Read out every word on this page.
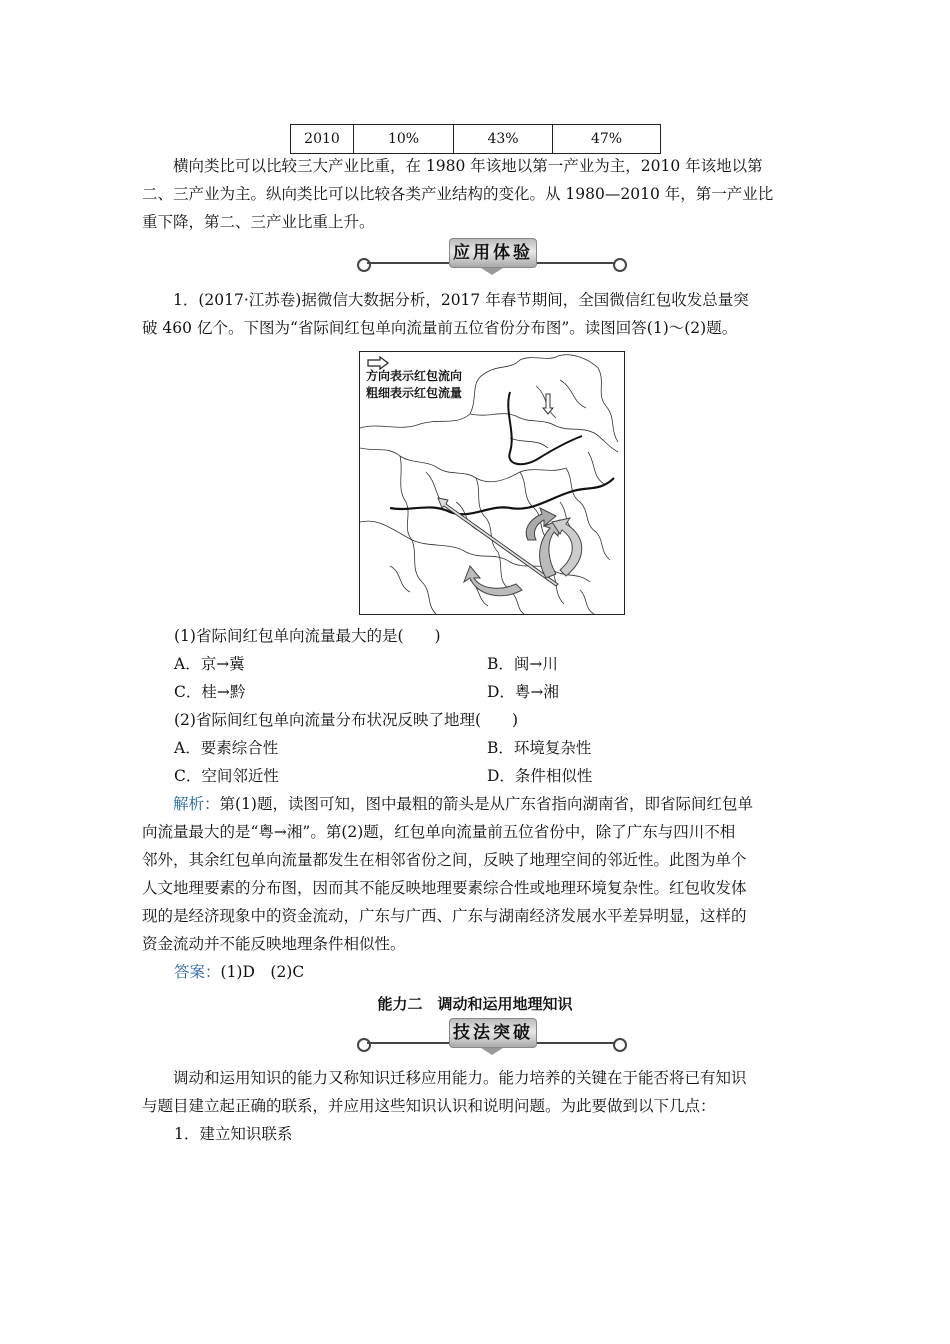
2010	10%	43%	47%
横向类比可以比较三大产业比重，在 1980 年该地以第一产业为主，2010 年该地以第
二、三产业为主。纵向类比可以比较各类产业结构的变化。从 1980—2010 年，第一产业比
重下降，第二、三产业比重上升。
应用体验
1．(2017·江苏卷)据微信大数据分析，2017 年春节期间，全国微信红包收发总量突
破 460 亿个。下图为“省际间红包单向流量前五位省份分布图”。读图回答(1)～(2)题。
方向表示红包流向
粗细表示红包流量
(1)省际间红包单向流量最大的是(　　)
A．京→冀	B．闽→川
C．桂→黔	D．粤→湘
(2)省际间红包单向流量分布状况反映了地理(　　)
A．要素综合性	B．环境复杂性
C．空间邻近性	D．条件相似性
解析：第(1)题，读图可知，图中最粗的箭头是从广东省指向湖南省，即省际间红包单
向流量最大的是“粤→湘”。第(2)题，红包单向流量前五位省份中，除了广东与四川不相
邻外，其余红包单向流量都发生在相邻省份之间，反映了地理空间的邻近性。此图为单个
人文地理要素的分布图，因而其不能反映地理要素综合性或地理环境复杂性。红包收发体
现的是经济现象中的资金流动，广东与广西、广东与湖南经济发展水平差异明显，这样的
资金流动并不能反映地理条件相似性。
答案：(1)D　(2)C
能力二　调动和运用地理知识
技法突破
调动和运用知识的能力又称知识迁移应用能力。能力培养的关键在于能否将已有知识
与题目建立起正确的联系，并应用这些知识认识和说明问题。为此要做到以下几点：
1．建立知识联系
